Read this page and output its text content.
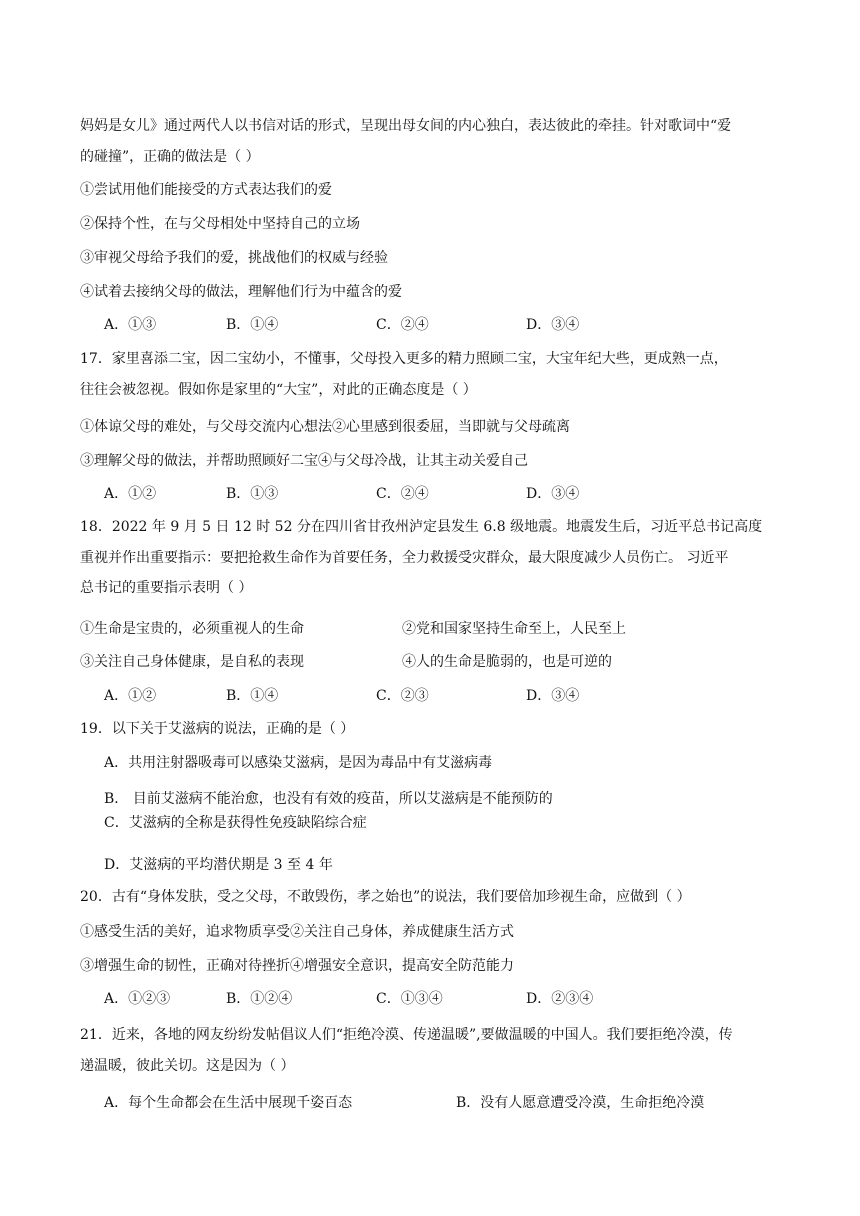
妈妈是女儿》通过两代人以书信对话的形式，呈现出母女间的内心独白，表达彼此的牵挂。针对歌词中“爱
的碰撞”，正确的做法是（ ）
①尝试用他们能接受的方式表达我们的爱
②保持个性，在与父母相处中坚持自己的立场
③审视父母给予我们的爱，挑战他们的权威与经验
④试着去接纳父母的做法，理解他们行为中蕴含的爱
A．①③	B．①④	C．②④	D．③④
17．家里喜添二宝，因二宝幼小，不懂事，父母投入更多的精力照顾二宝，大宝年纪大些，更成熟一点，
往往会被忽视。假如你是家里的“大宝”，对此的正确态度是（ ）
①体谅父母的难处，与父母交流内心想法②心里感到很委屈，当即就与父母疏离
③理解父母的做法，并帮助照顾好二宝④与父母冷战，让其主动关爱自己
A．①②	B．①③	C．②④	D．③④
18．2022 年 9 月 5 日 12 时 52 分在四川省甘孜州泸定县发生 6.8 级地震。地震发生后，习近平总书记高度
重视并作出重要指示：要把抢救生命作为首要任务，全力救援受灾群众，最大限度减少人员伤亡。 习近平
总书记的重要指示表明（ ）
①生命是宝贵的，必须重视人的生命	②党和国家坚持生命至上，人民至上
③关注自己身体健康，是自私的表现	④人的生命是脆弱的，也是可逆的
A．①②	B．①④	C．②③	D．③④
19．以下关于艾滋病的说法，正确的是（ ）
A．共用注射器吸毒可以感染艾滋病，是因为毒品中有艾滋病毒
B． 目前艾滋病不能治愈，也没有有效的疫苗，所以艾滋病是不能预防的
C．艾滋病的全称是获得性免疫缺陷综合症
D．艾滋病的平均潜伏期是 3 至 4 年
20．古有“身体发肤，受之父母，不敢毁伤，孝之始也”的说法，我们要倍加珍视生命，应做到（ ）
①感受生活的美好，追求物质享受②关注自己身体，养成健康生活方式
③增强生命的韧性，正确对待挫折④增强安全意识，提高安全防范能力
A．①②③	B．①②④	C．①③④	D．②③④
21．近来，各地的网友纷纷发帖倡议人们“拒绝冷漠、传递温暖”,要做温暖的中国人。我们要拒绝冷漠，传
递温暖，彼此关切。这是因为（ ）
A．每个生命都会在生活中展现千姿百态	B．没有人愿意遭受冷漠，生命拒绝冷漠
